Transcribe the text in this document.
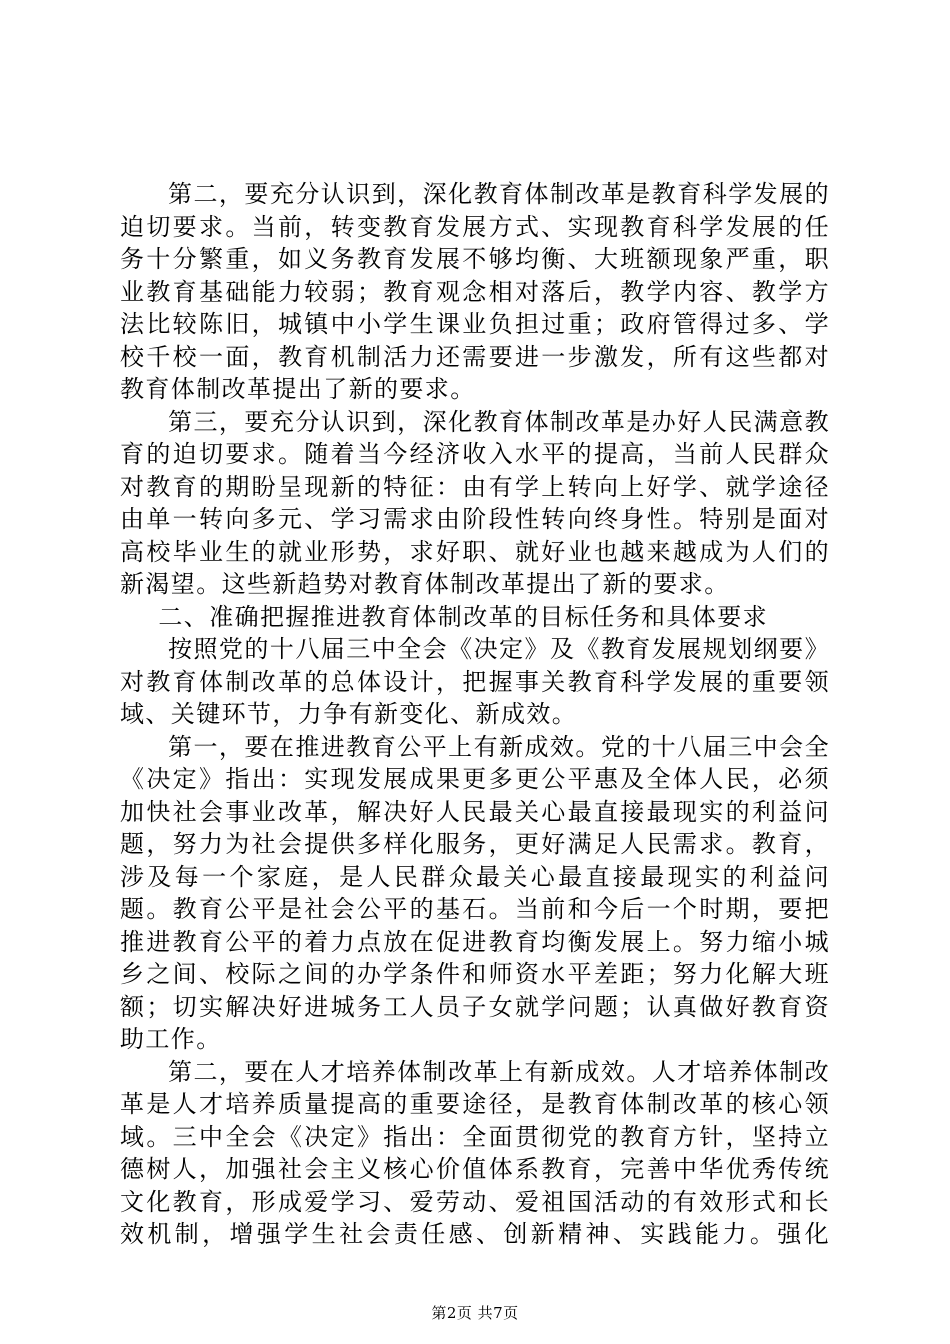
第二，要充分认识到，深化教育体制改革是教育科学发展的迫切要求。当前，转变教育发展方式、实现教育科学发展的任务十分繁重，如义务教育发展不够均衡、大班额现象严重，职业教育基础能力较弱；教育观念相对落后，教学内容、教学方法比较陈旧，城镇中小学生课业负担过重；政府管得过多、学校千校一面，教育机制活力还需要进一步激发，所有这些都对教育体制改革提出了新的要求。

第三，要充分认识到，深化教育体制改革是办好人民满意教育的迫切要求。随着当今经济收入水平的提高，当前人民群众对教育的期盼呈现新的特征：由有学上转向上好学、就学途径由单一转向多元、学习需求由阶段性转向终身性。特别是面对高校毕业生的就业形势，求好职、就好业也越来越成为人们的新渴望。这些新趋势对教育体制改革提出了新的要求。

二、准确把握推进教育体制改革的目标任务和具体要求

按照党的十八届三中全会《决定》及《教育发展规划纲要》对教育体制改革的总体设计，把握事关教育科学发展的重要领域、关键环节，力争有新变化、新成效。

第一，要在推进教育公平上有新成效。党的十八届三中会全《决定》指出：实现发展成果更多更公平惠及全体人民，必须加快社会事业改革，解决好人民最关心最直接最现实的利益问题，努力为社会提供多样化服务，更好满足人民需求。教育，涉及每一个家庭，是人民群众最关心最直接最现实的利益问题。教育公平是社会公平的基石。当前和今后一个时期，要把推进教育公平的着力点放在促进教育均衡发展上。努力缩小城乡之间、校际之间的办学条件和师资水平差距；努力化解大班额；切实解决好进城务工人员子女就学问题；认真做好教育资助工作。

第二，要在人才培养体制改革上有新成效。人才培养体制改革是人才培养质量提高的重要途径，是教育体制改革的核心领域。三中全会《决定》指出：全面贯彻党的教育方针，坚持立德树人，加强社会主义核心价值体系教育，完善中华优秀传统文化教育，形成爱学习、爱劳动、爱祖国活动的有效形式和长效机制，增强学生社会责任感、创新精神、实践能力。强化

第2页 共7页
